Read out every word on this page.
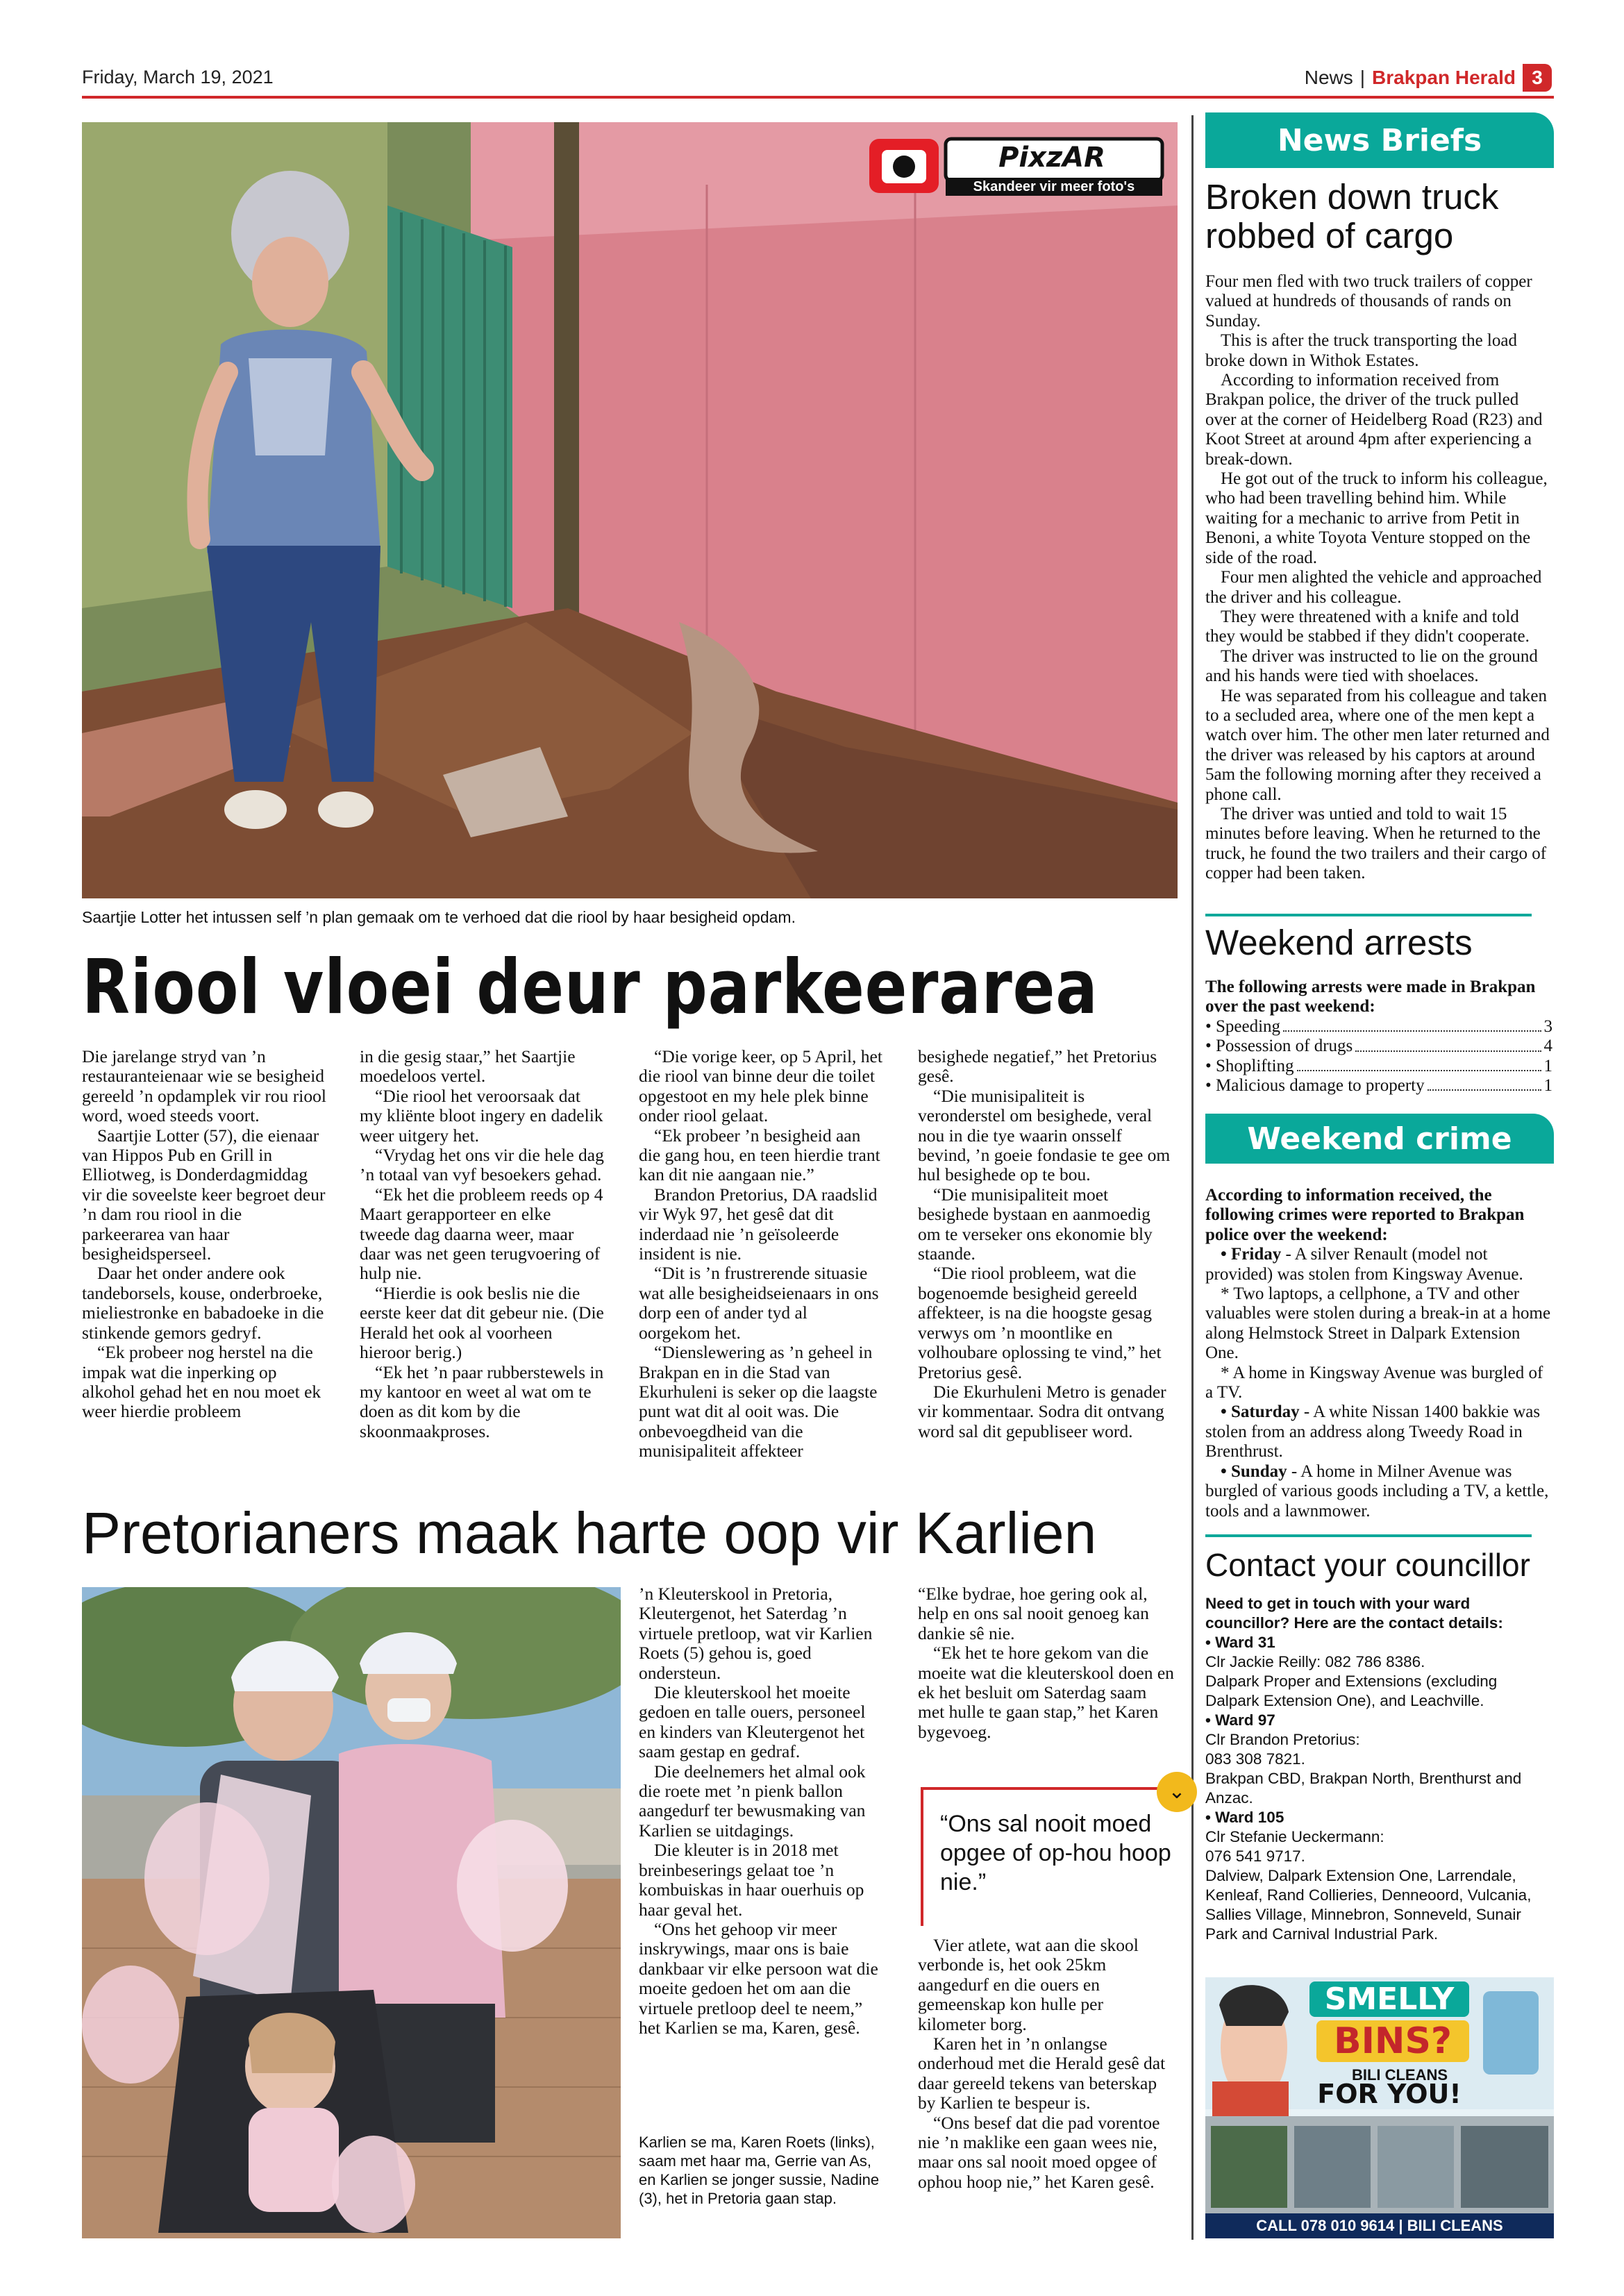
Friday, March 19, 2021	News | Brakpan Herald 3
PixzAR
Skandeer vir meer foto's
Saartjie Lotter het intussen self ’n plan gemaak om te verhoed dat die riool by haar besigheid opdam.
Riool vloei deur parkeerarea

Die jarelange stryd van ’n restauranteienaar wie se besigheid gereeld ’n opdamplek vir rou riool word, woed steeds voort.

Saartjie Lotter (57), die eienaar van Hippos Pub en Grill in Elliotweg, is Donderdagmiddag vir die soveelste keer begroet deur ’n dam rou riool in die parkeerarea van haar besigheidsperseel.

Daar het onder andere ook tandeborsels, kouse, onderbroeke, mieliestronke en babadoeke in die stinkende gemors gedryf.

“Ek probeer nog herstel na die impak wat die inperking op alkohol gehad het en nou moet ek weer hierdie probleem

in die gesig staar,” het Saartjie moedeloos vertel.

“Die riool het veroorsaak dat my kliënte bloot ingery en dadelik weer uitgery het.

“Vrydag het ons vir die hele dag ’n totaal van vyf besoekers gehad.

“Ek het die probleem reeds op 4 Maart gerapporteer en elke tweede dag daarna weer, maar daar was net geen terugvoering of hulp nie.

“Hierdie is ook beslis nie die eerste keer dat dit gebeur nie. (Die Herald het ook al voorheen hieroor berig.)

“Ek het ’n paar rubberstewels in my kantoor en weet al wat om te doen as dit kom by die skoonmaakproses.

“Die vorige keer, op 5 April, het die riool van binne deur die toilet opgestoot en my hele plek binne onder riool gelaat.

“Ek probeer ’n besigheid aan die gang hou, en teen hierdie trant kan dit nie aangaan nie.”

Brandon Pretorius, DA raadslid vir Wyk 97, het gesê dat dit inderdaad nie ’n geïsoleerde insident is nie.

“Dit is ’n frustrerende situasie wat alle besigheidseienaars in ons dorp een of ander tyd al oorgekom het.

“Dienslewering as ’n geheel in Brakpan en in die Stad van Ekurhuleni is seker op die laagste punt wat dit al ooit was. Die onbevoegdheid van die munisipaliteit affekteer

besighede negatief,” het Pretorius gesê.

“Die munisipaliteit is veronderstel om besighede, veral nou in die tye waarin onsself bevind, ’n goeie fondasie te gee om hul besighede op te bou.

“Die munisipaliteit moet besighede bystaan en aanmoedig om te verseker ons ekonomie bly staande.

“Die riool probleem, wat die bogenoemde besigheid gereeld affekteer, is na die hoogste gesag verwys om ’n moontlike en volhoubare oplossing te vind,” het Pretorius gesê.

Die Ekurhuleni Metro is genader vir kommentaar. Sodra dit ontvang word sal dit gepubliseer word.

Pretorianers maak harte oop vir Karlien

’n Kleuterskool in Pretoria, Kleutergenot, het Saterdag ’n virtuele pretloop, wat vir Karlien Roets (5) gehou is, goed ondersteun.

Die kleuterskool het moeite gedoen en talle ouers, personeel en kinders van Kleutergenot het saam gestap en gedraf.

Die deelnemers het almal ook die roete met ’n pienk ballon aangedurf ter bewusmaking van Karlien se uitdagings.

Die kleuter is in 2018 met breinbeserings gelaat toe ’n kombuiskas in haar ouerhuis op haar geval het.

“Ons het gehoop vir meer inskrywings, maar ons is baie dankbaar vir elke persoon wat die moeite gedoen het om aan die virtuele pretloop deel te neem,” het Karlien se ma, Karen, gesê.

Karlien se ma, Karen Roets (links), saam met haar ma, Gerrie van As, en Karlien se jonger sussie, Nadine (3), het in Pretoria gaan stap.

“Elke bydrae, hoe gering ook al, help en ons sal nooit genoeg kan dankie sê nie.

“Ek het te hore gekom van die moeite wat die kleuterskool doen en ek het besluit om Saterdag saam met hulle te gaan stap,” het Karen bygevoeg.

⌄
“Ons sal nooit moed opgee of op-hou hoop nie.”

Vier atlete, wat aan die skool verbonde is, het ook 25km aangedurf en die ouers en gemeenskap kon hulle per kilometer borg.

Karen het in ’n onlangse onderhoud met die Herald gesê dat daar gereeld tekens van beterskap by Karlien te bespeur is.

“Ons besef dat die pad vorentoe nie ’n maklike een gaan wees nie, maar ons sal nooit moed opgee of ophou hoop nie,” het Karen gesê.

News Briefs
Broken down truck robbed of cargo

Four men fled with two truck trailers of copper valued at hundreds of thousands of rands on Sunday.

This is after the truck transporting the load broke down in Withok Estates.

According to information received from Brakpan police, the driver of the truck pulled over at the corner of Heidelberg Road (R23) and Koot Street at around 4pm after experiencing a break-down.

He got out of the truck to inform his colleague, who had been travelling behind him. While waiting for a mechanic to arrive from Petit in Benoni, a white Toyota Venture stopped on the side of the road.

Four men alighted the vehicle and approached the driver and his colleague.

They were threatened with a knife and told they would be stabbed if they didn't cooperate.

The driver was instructed to lie on the ground and his hands were tied with shoelaces.

He was separated from his colleague and taken to a secluded area, where one of the men kept a watch over him. The other men later returned and the driver was released by his captors at around 5am the following morning after they received a phone call.

The driver was untied and told to wait 15 minutes before leaving. When he returned to the truck, he found the two trailers and their cargo of copper had been taken.

Weekend arrests

The following arrests were made in Brakpan over the past weekend:

• Speeding	3
• Possession of drugs	4
• Shoplifting	1
• Malicious damage to property	1
Weekend crime

According to information received, the following crimes were reported to Brakpan police over the weekend:

• Friday - A silver Renault (model not provided) was stolen from Kingsway Avenue.

* Two laptops, a cellphone, a TV and other valuables were stolen during a break-in at a home along Helmstock Street in Dalpark Extension One.

* A home in Kingsway Avenue was burgled of a TV.

• Saturday - A white Nissan 1400 bakkie was stolen from an address along Tweedy Road in Brenthrust.

• Sunday - A home in Milner Avenue was burgled of various goods including a TV, a kettle, tools and a lawnmower.

Contact your councillor

Need to get in touch with your ward councillor? Here are the contact details:

• Ward 31

Clr Jackie Reilly: 082 786 8386.

Dalpark Proper and Extensions (excluding Dalpark Extension One), and Leachville.

• Ward 97

Clr Brandon Pretorius:

083 308 7821.

Brakpan CBD, Brakpan North, Brenthurst and Anzac.

• Ward 105

Clr Stefanie Ueckermann:

076 541 9717.

Dalview, Dalpark Extension One, Larrendale, Kenleaf, Rand Collieries, Denneoord, Vulcania, Sallies Village, Minnebron, Sonneveld, Sunair Park and Carnival Industrial Park.

SMELLY
BINS?
BILI CLEANS
FOR YOU!
CALL 078 010 9614 | BILI CLEANS
